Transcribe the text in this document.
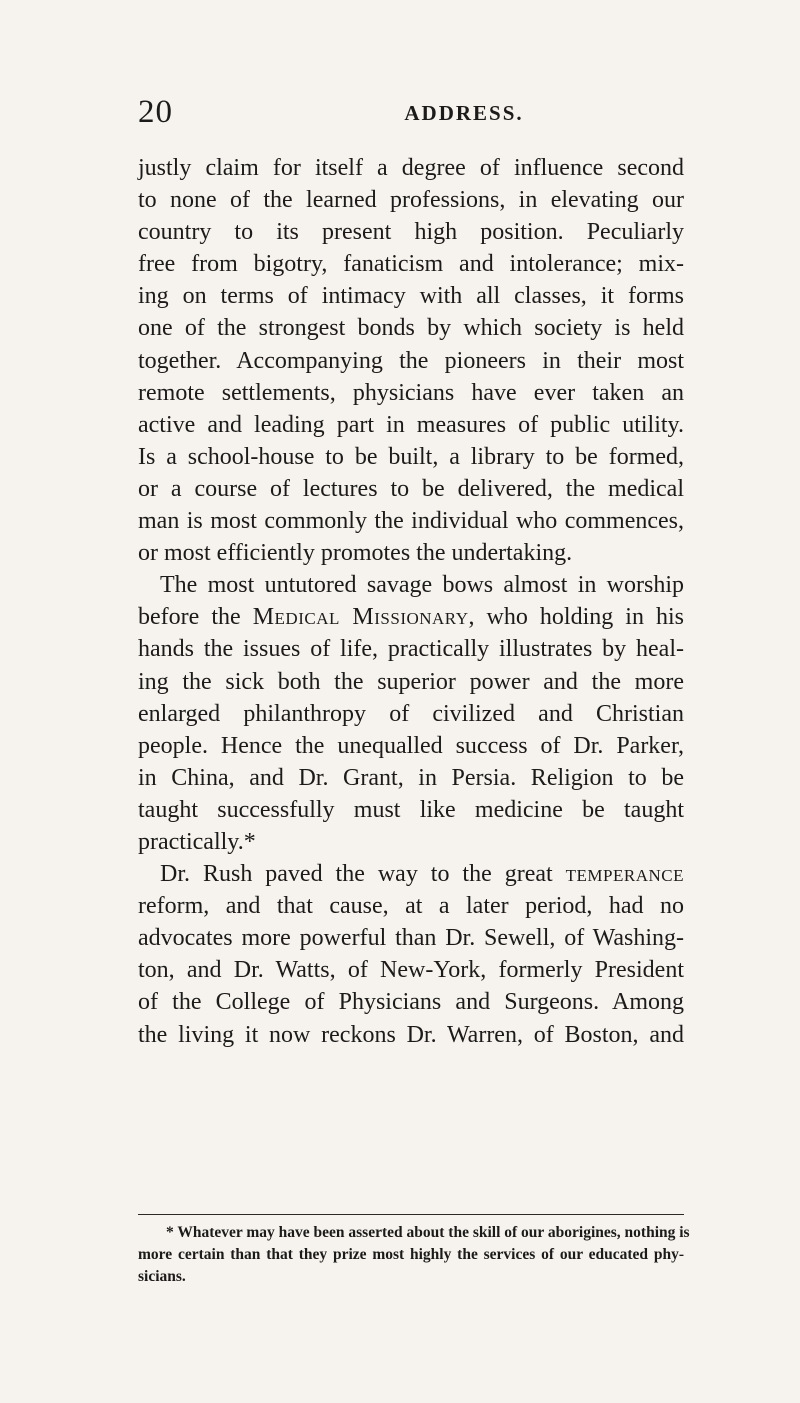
20	ADDRESS.
justly claim for itself a degree of influence second
to none of the learned professions, in elevating our
country to its present high position. Peculiarly
free from bigotry, fanaticism and intolerance; mix-
ing on terms of intimacy with all classes, it forms
one of the strongest bonds by which society is held
together. Accompanying the pioneers in their most
remote settlements, physicians have ever taken an
active and leading part in measures of public utility.
Is a school-house to be built, a library to be formed,
or a course of lectures to be delivered, the medical
man is most commonly the individual who commences,
or most efficiently promotes the undertaking.
The most untutored savage bows almost in worship
before the Medical Missionary, who holding in his
hands the issues of life, practically illustrates by heal-
ing the sick both the superior power and the more
enlarged philanthropy of civilized and Christian
people. Hence the unequalled success of Dr. Parker,
in China, and Dr. Grant, in Persia. Religion to be
taught successfully must like medicine be taught
practically.*
Dr. Rush paved the way to the great temperance
reform, and that cause, at a later period, had no
advocates more powerful than Dr. Sewell, of Washing-
ton, and Dr. Watts, of New-York, formerly President
of the College of Physicians and Surgeons. Among
the living it now reckons Dr. Warren, of Boston, and
* Whatever may have been asserted about the skill of our aborigines, nothing is
more certain than that they prize most highly the services of our educated phy-
sicians.
